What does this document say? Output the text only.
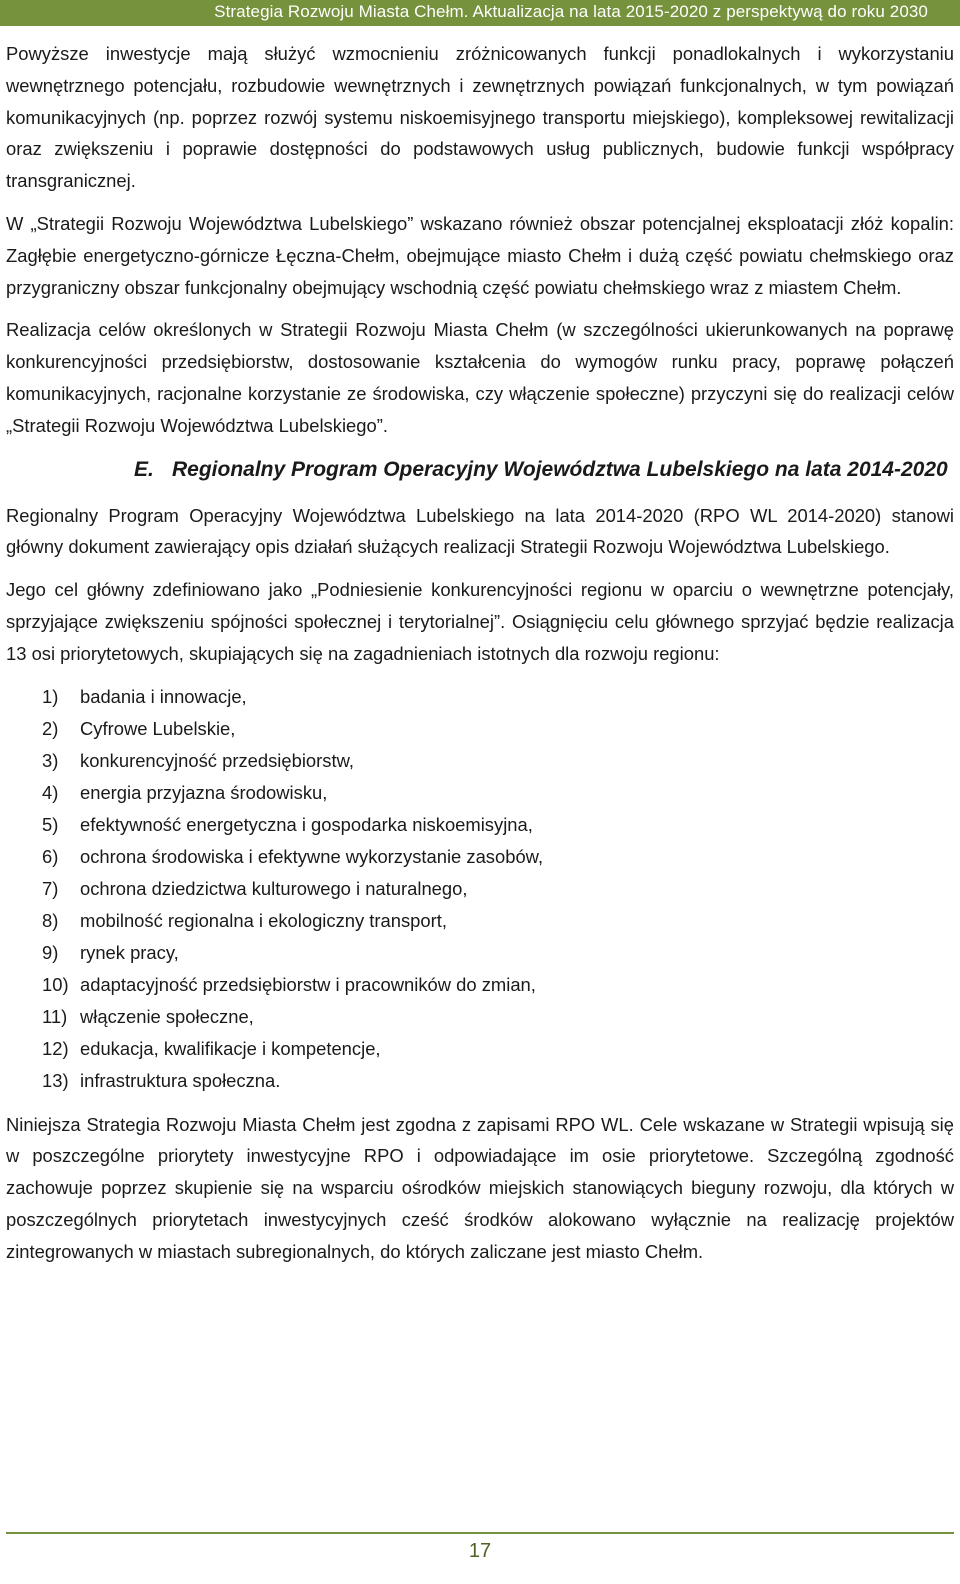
Strategia Rozwoju Miasta Chełm. Aktualizacja na lata 2015-2020 z perspektywą do roku 2030

Powyższe inwestycje mają służyć wzmocnieniu zróżnicowanych funkcji ponadlokalnych i wykorzystaniu wewnętrznego potencjału, rozbudowie wewnętrznych i zewnętrznych powiązań funkcjonalnych, w tym powiązań komunikacyjnych (np. poprzez rozwój systemu niskoemisyjnego transportu miejskiego), kompleksowej rewitalizacji oraz zwiększeniu i poprawie dostępności do podstawowych usług publicznych, budowie funkcji współpracy transgranicznej.

W „Strategii Rozwoju Województwa Lubelskiego” wskazano również obszar potencjalnej eksploatacji złóż kopalin: Zagłębie energetyczno-górnicze Łęczna-Chełm, obejmujące miasto Chełm i dużą część powiatu chełmskiego oraz przygraniczny obszar funkcjonalny obejmujący wschodnią część powiatu chełmskiego wraz z miastem Chełm.

Realizacja celów określonych w Strategii Rozwoju Miasta Chełm (w szczególności ukierunkowanych na poprawę konkurencyjności przedsiębiorstw, dostosowanie kształcenia do wymogów runku pracy, poprawę połączeń komunikacyjnych, racjonalne korzystanie ze środowiska, czy włączenie społeczne) przyczyni się do realizacji celów „Strategii Rozwoju Województwa Lubelskiego”.

E. Regionalny Program Operacyjny Województwa Lubelskiego na lata 2014-2020

Regionalny Program Operacyjny Województwa Lubelskiego na lata 2014-2020 (RPO WL 2014-2020) stanowi główny dokument zawierający opis działań służących realizacji Strategii Rozwoju Województwa Lubelskiego.

Jego cel główny zdefiniowano jako „Podniesienie konkurencyjności regionu w oparciu o wewnętrzne potencjały, sprzyjające zwiększeniu spójności społecznej i terytorialnej”. Osiągnięciu celu głównego sprzyjać będzie realizacja 13 osi priorytetowych, skupiających się na zagadnieniach istotnych dla rozwoju regionu:

1)	badania i innowacje,
2)	Cyfrowe Lubelskie,
3)	konkurencyjność przedsiębiorstw,
4)	energia przyjazna środowisku,
5)	efektywność energetyczna i gospodarka niskoemisyjna,
6)	ochrona środowiska i efektywne wykorzystanie zasobów,
7)	ochrona dziedzictwa kulturowego i naturalnego,
8)	mobilność regionalna i ekologiczny transport,
9)	rynek pracy,
10) adaptacyjność przedsiębiorstw i pracowników do zmian,
11) włączenie społeczne,
12) edukacja, kwalifikacje i kompetencje,
13) infrastruktura społeczna.

Niniejsza Strategia Rozwoju Miasta Chełm jest zgodna z zapisami RPO WL. Cele wskazane w Strategii wpisują się w poszczególne priorytety inwestycyjne RPO i odpowiadające im osie priorytetowe. Szczególną zgodność zachowuje poprzez skupienie się na wsparciu ośrodków miejskich stanowiących bieguny rozwoju, dla których w poszczególnych priorytetach inwestycyjnych cześć środków alokowano wyłącznie na realizację projektów zintegrowanych w miastach subregionalnych, do których zaliczane jest miasto Chełm.

17
